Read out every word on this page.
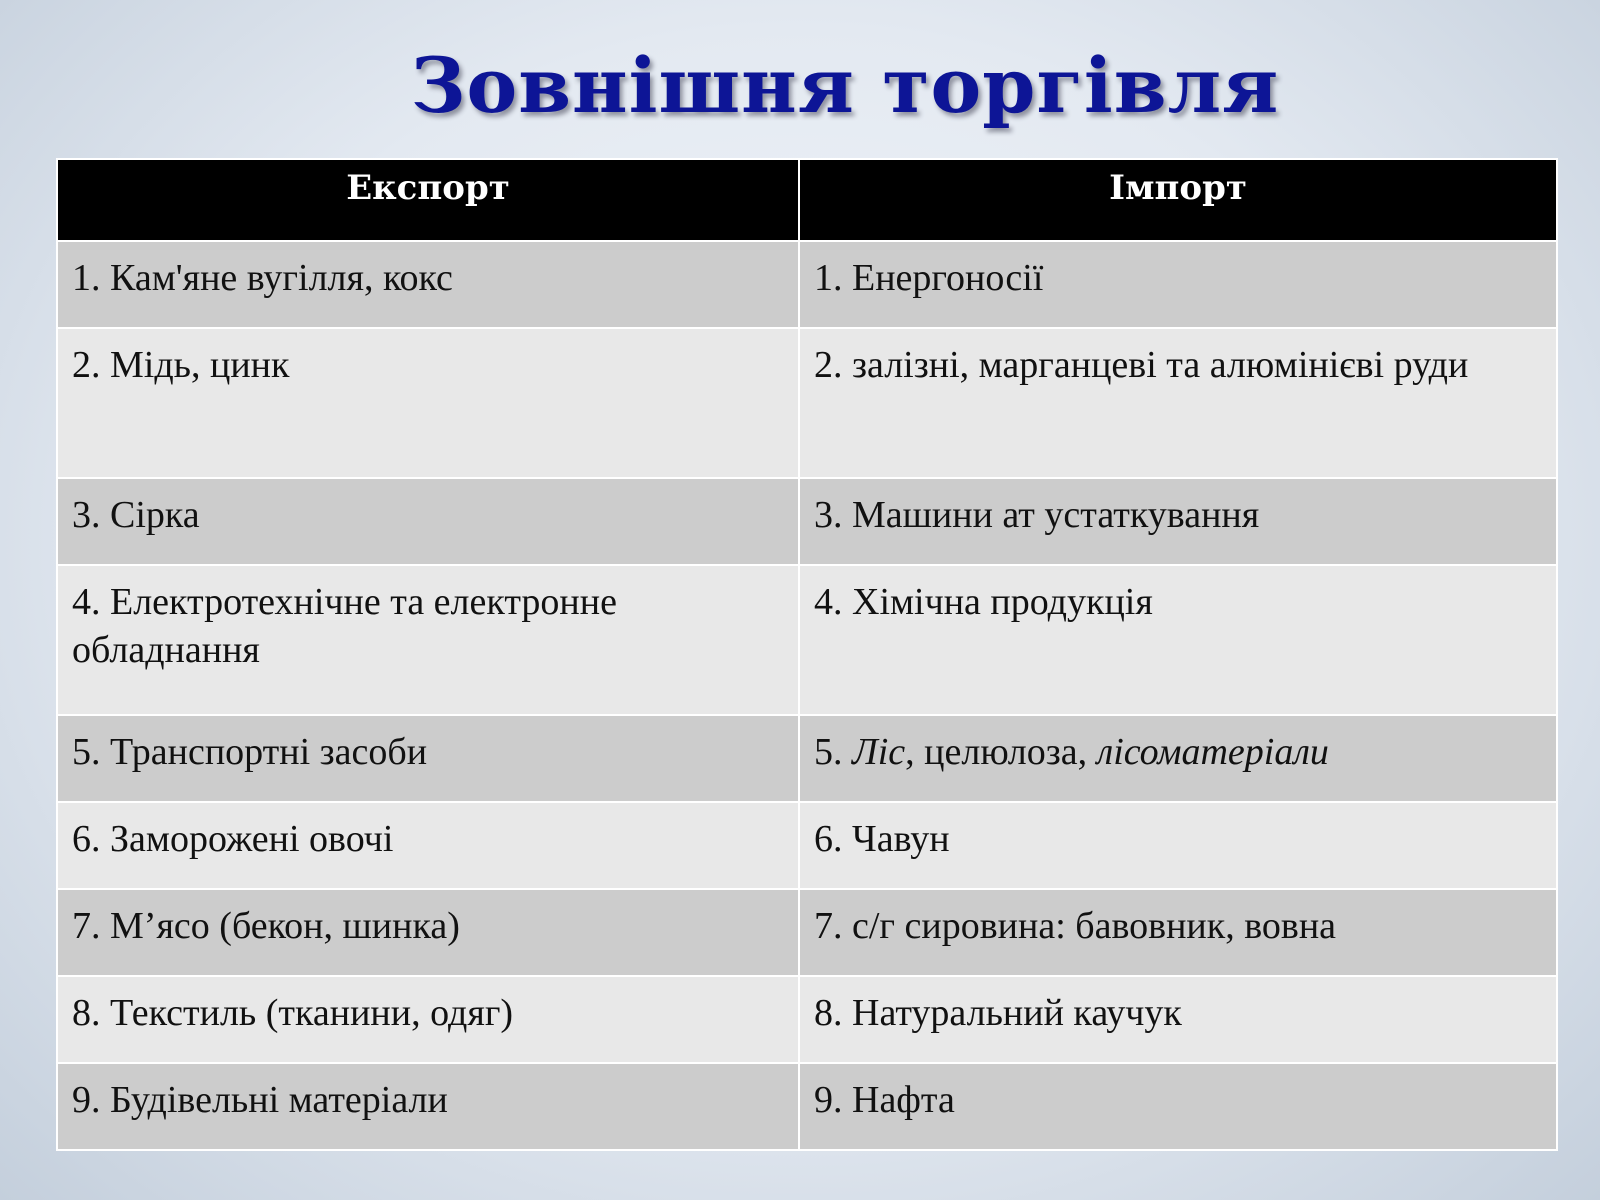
Зовнішня торгівля
Експорт	Імпорт
1. Кам'яне вугілля, кокс	1. Енергоносії
2. Мідь, цинк	2. залізні, марганцеві та алюмінієві руди
3. Сірка	3. Машини ат устаткування
4. Електротехнічне та електронне обладнання	4. Хімічна продукція
5. Транспортні засоби	5. Ліс, целюлоза, лісоматеріали
6. Заморожені овочі	6. Чавун
7. М’ясо (бекон, шинка)	7. с/г сировина: бавовник, вовна
8. Текстиль (тканини, одяг)	8. Натуральний каучук
9. Будівельні матеріали	9. Нафта
